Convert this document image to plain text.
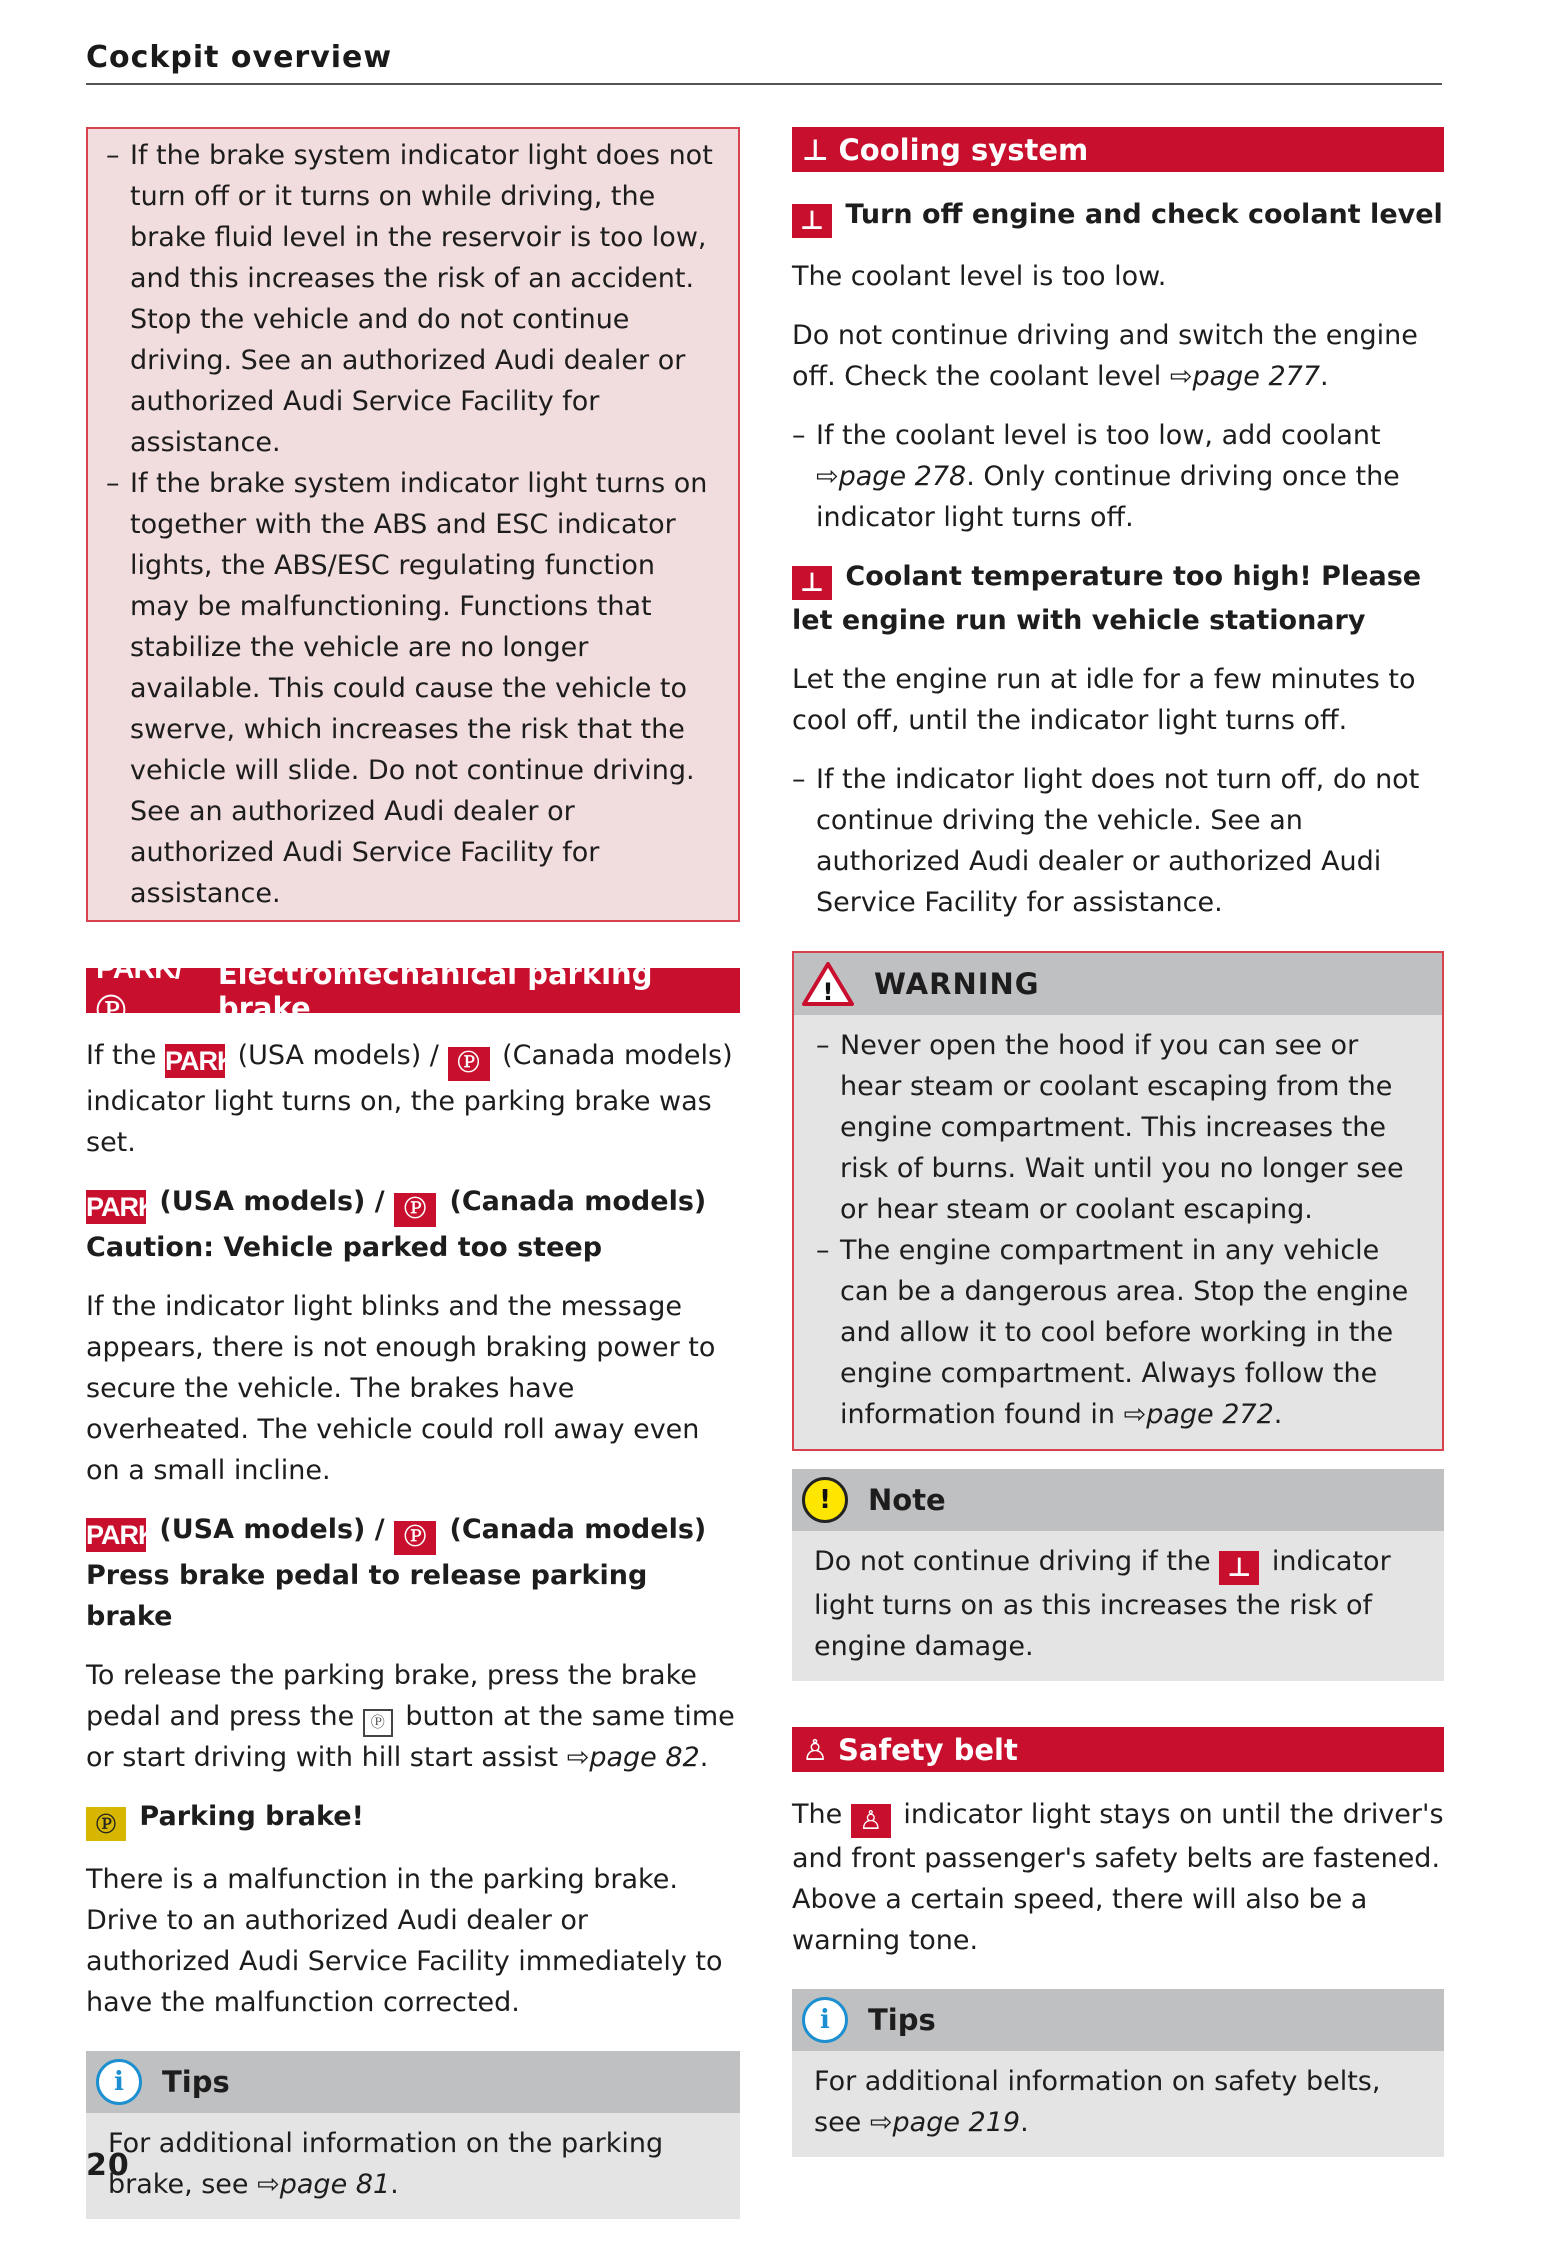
Cockpit overview
– If the brake system indicator light does not turn off or it turns on while driving, the brake fluid level in the reservoir is too low, and this increases the risk of an accident. Stop the vehicle and do not continue driving. See an authorized Audi dealer or authorized Audi Service Facility for assistance.
– If the brake system indicator light turns on together with the ABS and ESC indicator lights, the ABS/ESC regulating function may be malfunctioning. Functions that stabilize the vehicle are no longer available. This could cause the vehicle to swerve, which increases the risk that the vehicle will slide. Do not continue driving. See an authorized Audi dealer or authorized Audi Service Facility for assistance.
PARK/Ⓟ
Electromechanical parking brake

If the PARK (USA models) / Ⓟ (Canada models) indicator light turns on, the parking brake was set.

PARK (USA models) / Ⓟ (Canada models) Caution: Vehicle parked too steep

If the indicator light blinks and the message appears, there is not enough braking power to secure the vehicle. The brakes have overheated. The vehicle could roll away even on a small incline.

PARK (USA models) / Ⓟ (Canada models) Press brake pedal to release parking brake

To release the parking brake, press the brake pedal and press the Ⓟ button at the same time or start driving with hill start assist ⇨page 82.

Ⓟ Parking brake!

There is a malfunction in the parking brake. Drive to an authorized Audi dealer or authorized Audi Service Facility immediately to have the malfunction corrected.

i	Tips

For additional information on the parking brake, see ⇨page 81.

⊥ Cooling system

⊥ Turn off engine and check coolant level

The coolant level is too low.

Do not continue driving and switch the engine off. Check the coolant level ⇨page 277.

– If the coolant level is too low, add coolant ⇨page 278. Only continue driving once the indicator light turns off.

⊥ Coolant temperature too high! Please let engine run with vehicle stationary

Let the engine run at idle for a few minutes to cool off, until the indicator light turns off.

– If the indicator light does not turn off, do not continue driving the vehicle. See an authorized Audi dealer or authorized Audi Service Facility for assistance.
! WARNING
– Never open the hood if you can see or hear steam or coolant escaping from the engine compartment. This increases the risk of burns. Wait until you no longer see or hear steam or coolant escaping.
– The engine compartment in any vehicle can be a dangerous area. Stop the engine and allow it to cool before working in the engine compartment. Always follow the information found in ⇨page 272.
!	Note

Do not continue driving if the ⊥ indicator light turns on as this increases the risk of engine damage.

♙ Safety belt

The ♙ indicator light stays on until the driver's and front passenger's safety belts are fastened. Above a certain speed, there will also be a warning tone.

i	Tips

For additional information on safety belts, see ⇨page 219.

20
